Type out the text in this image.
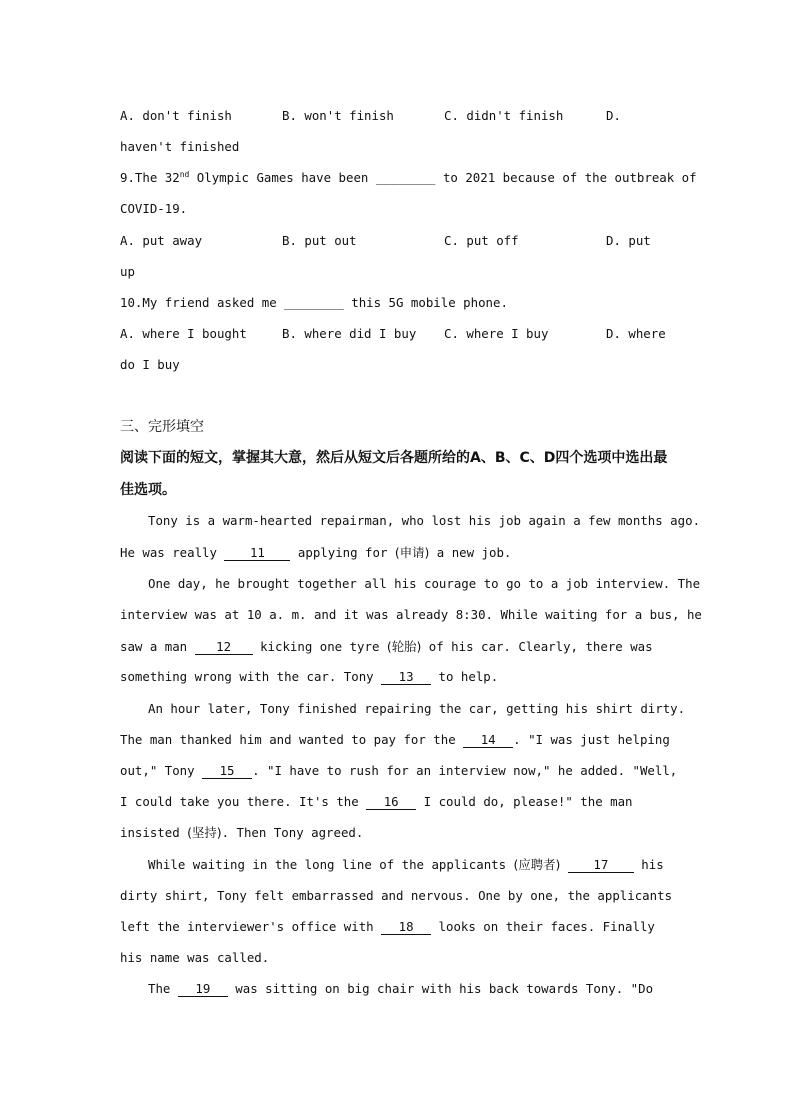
A. don't finish	B. won't finish	C. didn't finish	D.
haven't finished
9.The 32nd Olympic Games have been ________ to 2021 because of the outbreak of
COVID-19.
A. put away	B. put out	C. put off	D. put
up
10.My friend asked me ________ this 5G mobile phone.
A. where I bought	B. where did I buy C. where I buy	D. where
do I buy
三、完形填空
阅读下面的短文，掌握其大意，然后从短文后各题所给的A、B、C、D四个选项中选出最
佳选项。
Tony is a warm-hearted repairman, who lost his job again a few months ago.
He was really 11 applying for (申请) a new job.
One day, he brought together all his courage to go to a job interview. The
interview was at 10 a. m. and it was already 8:30. While waiting for a bus, he
saw a man 12 kicking one tyre (轮胎) of his car. Clearly, there was
something wrong with the car. Tony 13 to help.
An hour later, Tony finished repairing the car, getting his shirt dirty.
The man thanked him and wanted to pay for the 14 . "I was just helping
out," Tony 15 . "I have to rush for an interview now," he added. "Well,
I could take you there. It's the 16 I could do, please!" the man
insisted (坚持). Then Tony agreed.
While waiting in the long line of the applicants (应聘者)	17 his
dirty shirt, Tony felt embarrassed and nervous. One by one, the applicants
left the interviewer's office with 18 looks on their faces. Finally
his name was called.
The 19 was sitting on big chair with his back towards Tony. "Do
